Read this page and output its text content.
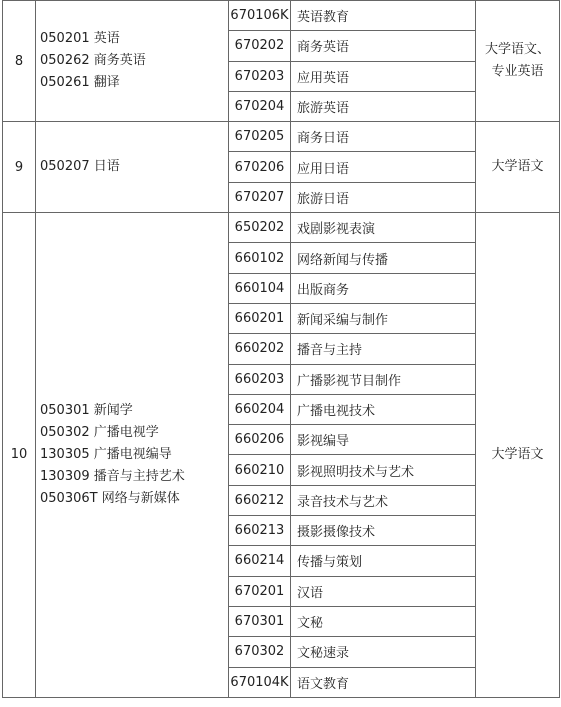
8	050201 英语
050262 商务英语
050261 翻译	670106K	英语教育	大学语文、
专业英语

		670202	商务英语	
		670203	应用英语	
		670204	旅游英语	
9	050207 日语	670205	商务日语	大学语文

		670206	应用日语	
		670207	旅游日语	
10	050301 新闻学
050302 广播电视学
130305 广播电视编导
130309 播音与主持艺术
050306T 网络与新媒体	650202	戏剧影视表演	大学语文

		660102	网络新闻与传播	
		660104	出版商务	
		660201	新闻采编与制作	
		660202	播音与主持	
		660203	广播影视节目制作	
		660204	广播电视技术	
		660206	影视编导	
		660210	影视照明技术与艺术	
		660212	录音技术与艺术	
		660213	摄影摄像技术	
		660214	传播与策划	
		670201	汉语	
		670301	文秘	
		670302	文秘速录	
		670104K	语文教育	
